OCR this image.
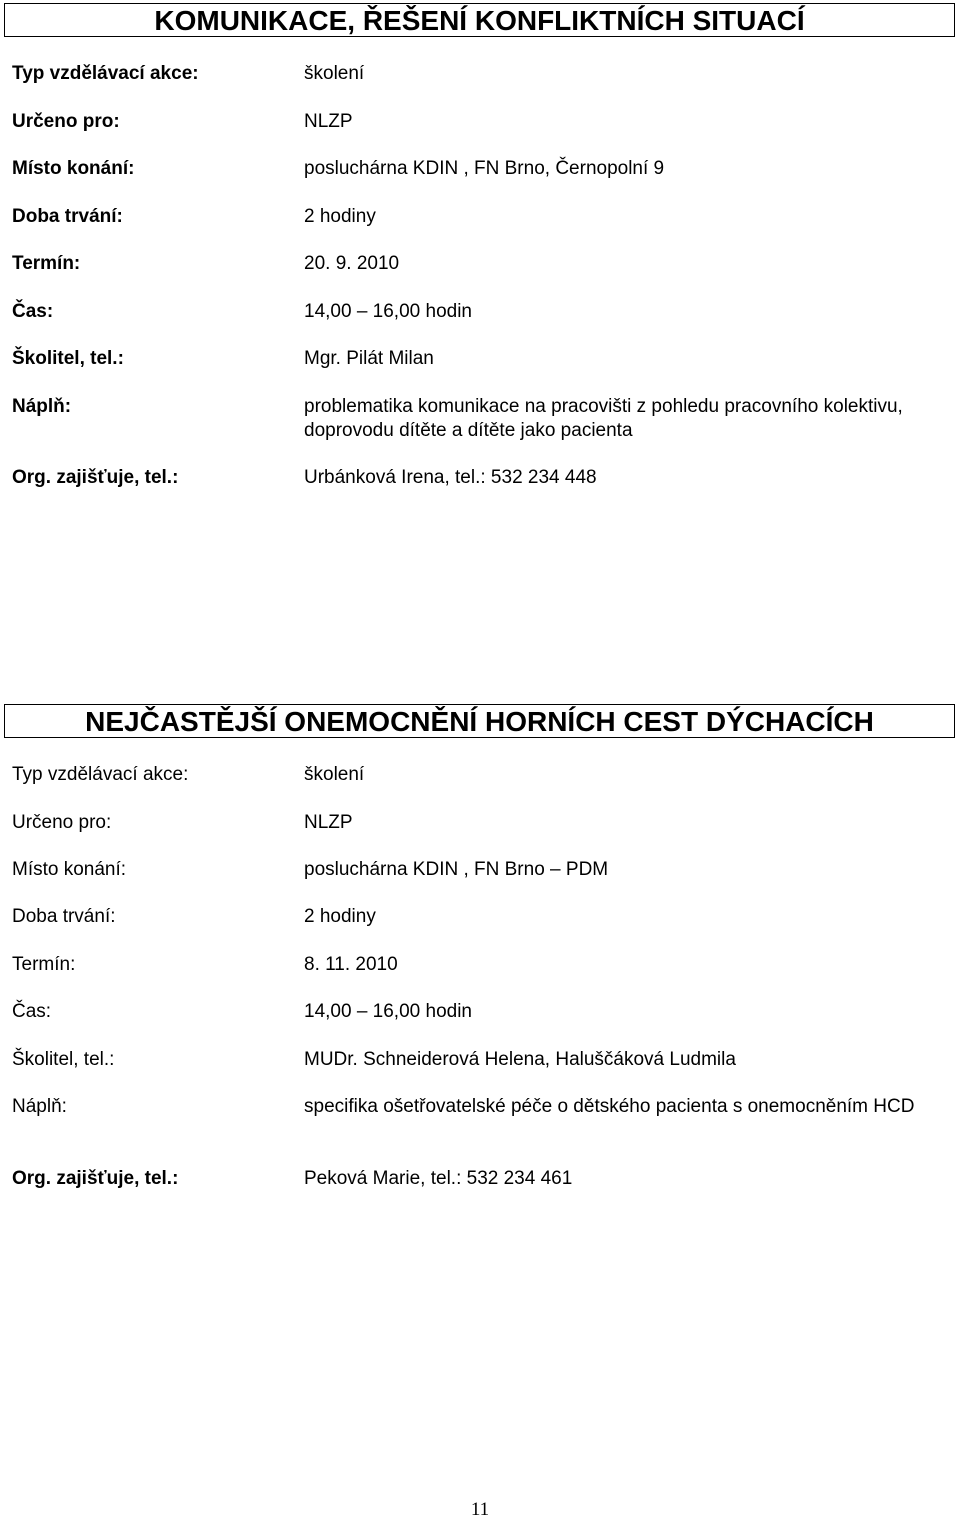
KOMUNIKACE, ŘEŠENÍ KONFLIKTNÍCH SITUACÍ
Typ vzdělávací akce:	školení
Určeno pro:	NLZP
Místo konání:	posluchárna KDIN , FN Brno, Černopolní 9
Doba trvání:	2 hodiny
Termín:	20. 9. 2010
Čas:	14,00 – 16,00 hodin
Školitel, tel.:	Mgr. Pilát Milan
Náplň:	problematika komunikace na pracovišti z pohledu pracovního kolektivu, doprovodu dítěte a dítěte jako pacienta
Org. zajišťuje, tel.:	Urbánková Irena, tel.: 532 234 448
NEJČASTĚJŠÍ ONEMOCNĚNÍ HORNÍCH CEST DÝCHACÍCH
Typ vzdělávací akce:	školení
Určeno pro:	NLZP
Místo konání:	posluchárna KDIN , FN Brno – PDM
Doba trvání:	2 hodiny
Termín:	8. 11. 2010
Čas:	14,00 – 16,00 hodin
Školitel, tel.:	MUDr. Schneiderová Helena, Haluščáková Ludmila
Náplň:	specifika ošetřovatelské péče o dětského pacienta s onemocněním HCD
Org. zajišťuje, tel.:	Peková Marie, tel.: 532 234 461
11
